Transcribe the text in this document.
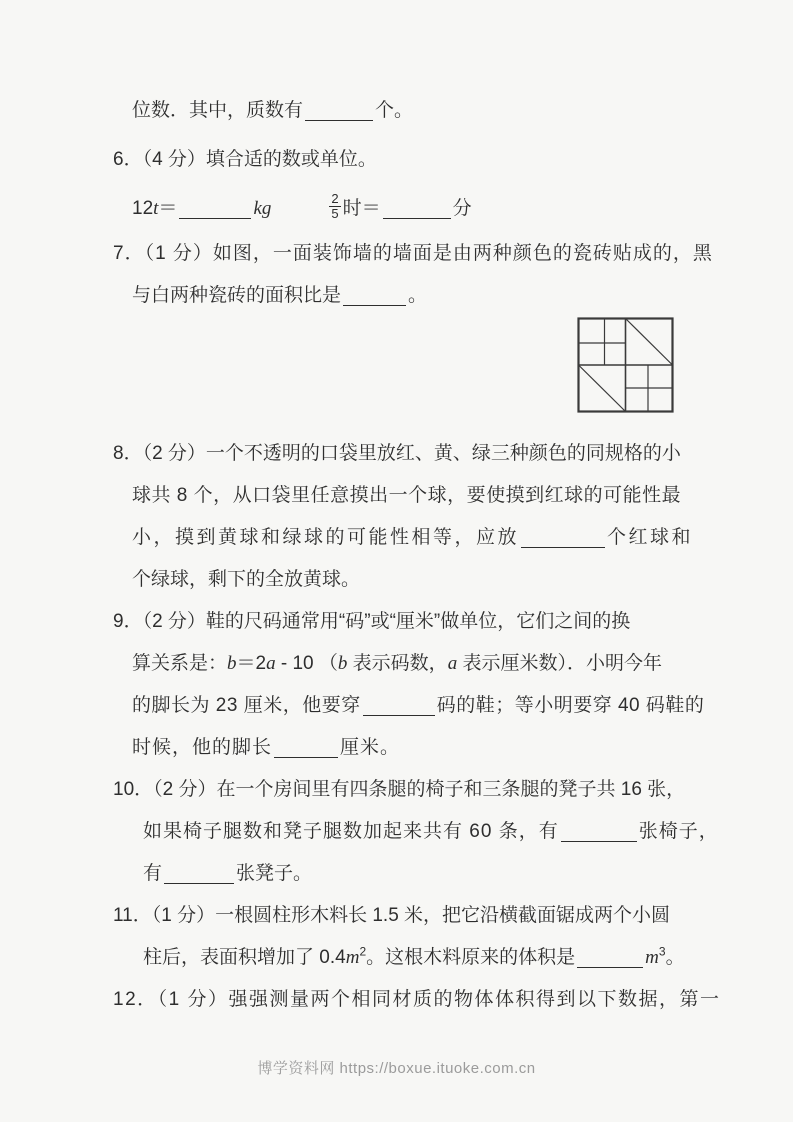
位数．其中，质数有	个。
6．（4 分）填合适的数或单位。
12t＝	kg	$\frac{2}{5}$ 时＝	分
7．（1 分）如图，一面装饰墙的墙面是由两种颜色的瓷砖贴成的，黑
与白两种瓷砖的面积比是	。
8．（2 分）一个不透明的口袋里放红、黄、绿三种颜色的同规格的小
球共 8 个，从口袋里任意摸出一个球，要使摸到红球的可能性最
小，摸到黄球和绿球的可能性相等，应放	个红球和
个绿球，剩下的全放黄球。
9．（2 分）鞋的尺码通常用“码”或“厘米”做单位，它们之间的换
算关系是：b＝2a - 10 （b 表示码数，a 表示厘米数）．小明今年
的脚长为 23 厘米，他要穿	码的鞋；等小明要穿 40 码鞋的
时候，他的脚长	厘米。
10．（2 分）在一个房间里有四条腿的椅子和三条腿的凳子共 16 张，
如果椅子腿数和凳子腿数加起来共有 60 条，有	张椅子，
有	张凳子。
11．（1 分）一根圆柱形木料长 1.5 米，把它沿横截面锯成两个小圆
柱后，表面积增加了 $0.4m^2$。这根木料原来的体积是	$m^3$。
12．（1 分）强强测量两个相同材质的物体体积得到以下数据，第一
博学资料网 https://boxue.ituoke.com.cn
